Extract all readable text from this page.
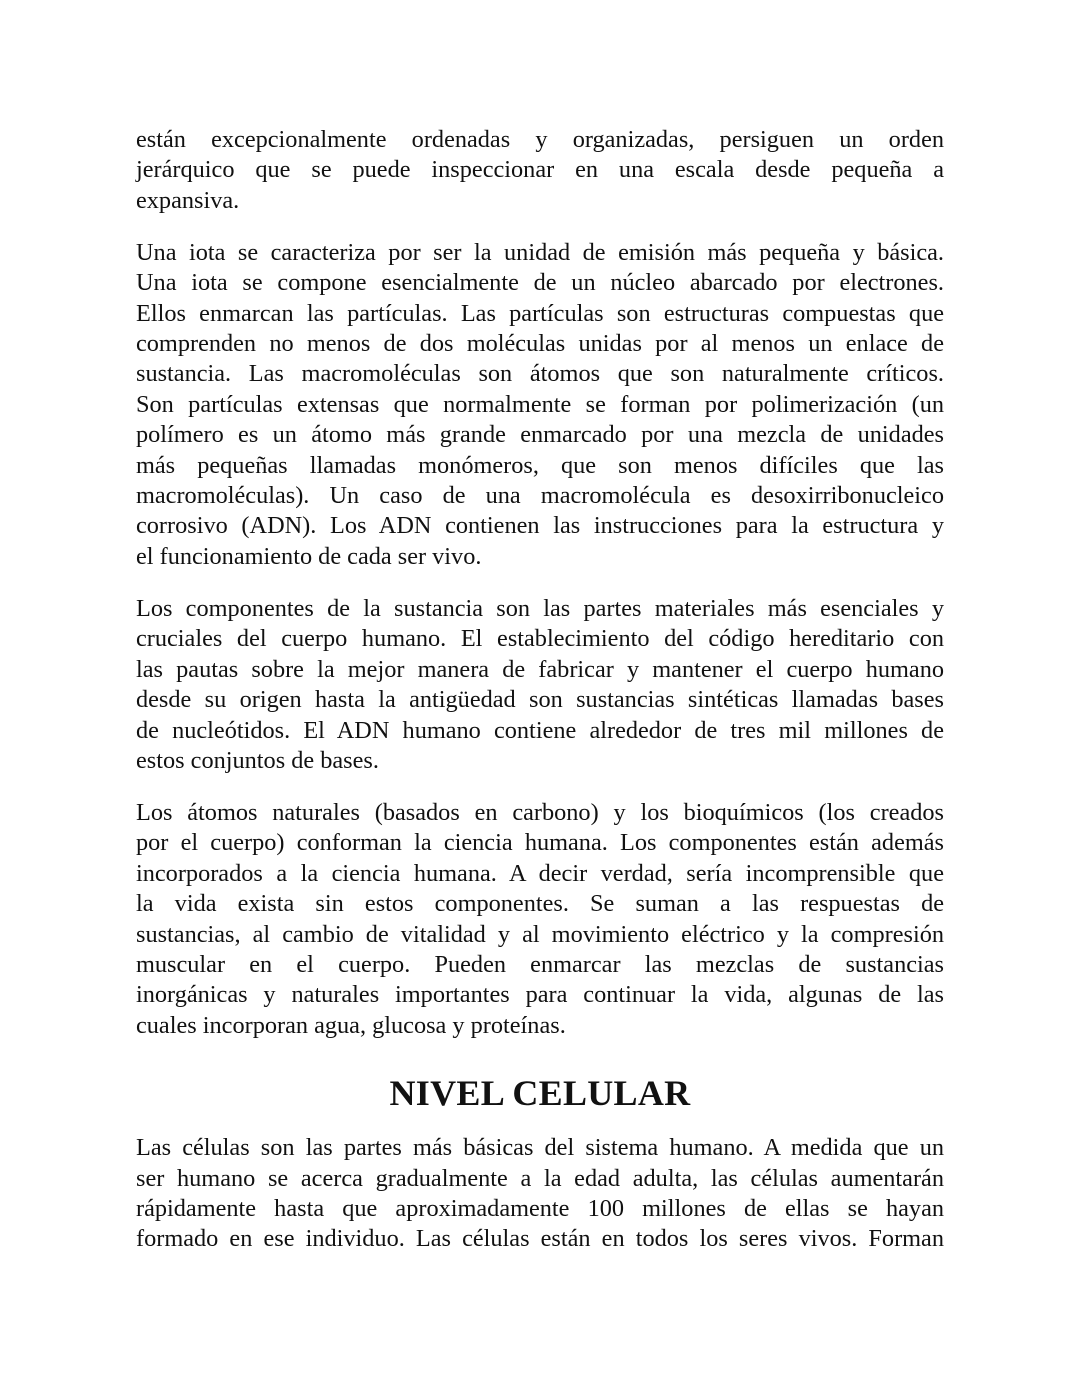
están excepcionalmente ordenadas y organizadas, persiguen un orden
jerárquico que se puede inspeccionar en una escala desde pequeña a
expansiva.
Una iota se caracteriza por ser la unidad de emisión más pequeña y básica.
Una iota se compone esencialmente de un núcleo abarcado por electrones.
Ellos enmarcan las partículas. Las partículas son estructuras compuestas que
comprenden no menos de dos moléculas unidas por al menos un enlace de
sustancia. Las macromoléculas son átomos que son naturalmente críticos.
Son partículas extensas que normalmente se forman por polimerización (un
polímero es un átomo más grande enmarcado por una mezcla de unidades
más pequeñas llamadas monómeros, que son menos difíciles que las
macromoléculas). Un caso de una macromolécula es desoxirribonucleico
corrosivo (ADN). Los ADN contienen las instrucciones para la estructura y
el funcionamiento de cada ser vivo.
Los componentes de la sustancia son las partes materiales más esenciales y
cruciales del cuerpo humano. El establecimiento del código hereditario con
las pautas sobre la mejor manera de fabricar y mantener el cuerpo humano
desde su origen hasta la antigüedad son sustancias sintéticas llamadas bases
de nucleótidos. El ADN humano contiene alrededor de tres mil millones de
estos conjuntos de bases.
Los átomos naturales (basados en carbono) y los bioquímicos (los creados
por el cuerpo) conforman la ciencia humana. Los componentes están además
incorporados a la ciencia humana. A decir verdad, sería incomprensible que
la vida exista sin estos componentes. Se suman a las respuestas de
sustancias, al cambio de vitalidad y al movimiento eléctrico y la compresión
muscular en el cuerpo. Pueden enmarcar las mezclas de sustancias
inorgánicas y naturales importantes para continuar la vida, algunas de las
cuales incorporan agua, glucosa y proteínas.
NIVEL CELULAR
Las células son las partes más básicas del sistema humano. A medida que un
ser humano se acerca gradualmente a la edad adulta, las células aumentarán
rápidamente hasta que aproximadamente 100 millones de ellas se hayan
formado en ese individuo. Las células están en todos los seres vivos. Forman
